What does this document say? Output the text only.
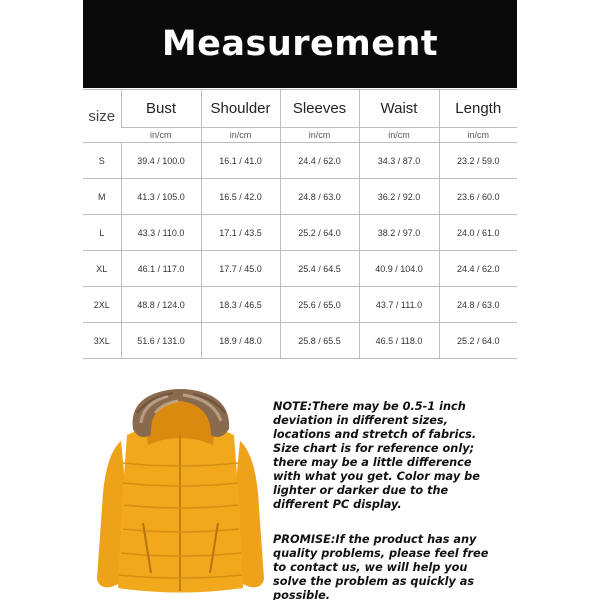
Measurement
size	Bust	Shoulder	Sleeves	Waist	Length
	in/cm	in/cm	in/cm	in/cm	in/cm
S	39.4 / 100.0	16.1 / 41.0	24.4 / 62.0	34.3 / 87.0	23.2 / 59.0
M	41.3 / 105.0	16.5 / 42.0	24.8 / 63.0	36.2 / 92.0	23.6 / 60.0
L	43.3 / 110.0	17.1 / 43.5	25.2 / 64.0	38.2 / 97.0	24.0 / 61.0
XL	46.1 / 117.0	17.7 / 45.0	25.4 / 64.5	40.9 / 104.0	24.4 / 62.0
2XL	48.8 / 124.0	18.3 / 46.5	25.6 / 65.0	43.7 / 111.0	24.8 / 63.0
3XL	51.6 / 131.0	18.9 / 48.0	25.8 / 65.5	46.5 / 118.0	25.2 / 64.0
NOTE:There may be 0.5-1 inch deviation in different sizes, locations and stretch of fabrics. Size chart is for reference only; there may be a little difference with what you get. Color may be lighter or darker due to the different PC display.
PROMISE:If the product has any quality problems, please feel free to contact us, we will help you solve the problem as quickly as possible.
